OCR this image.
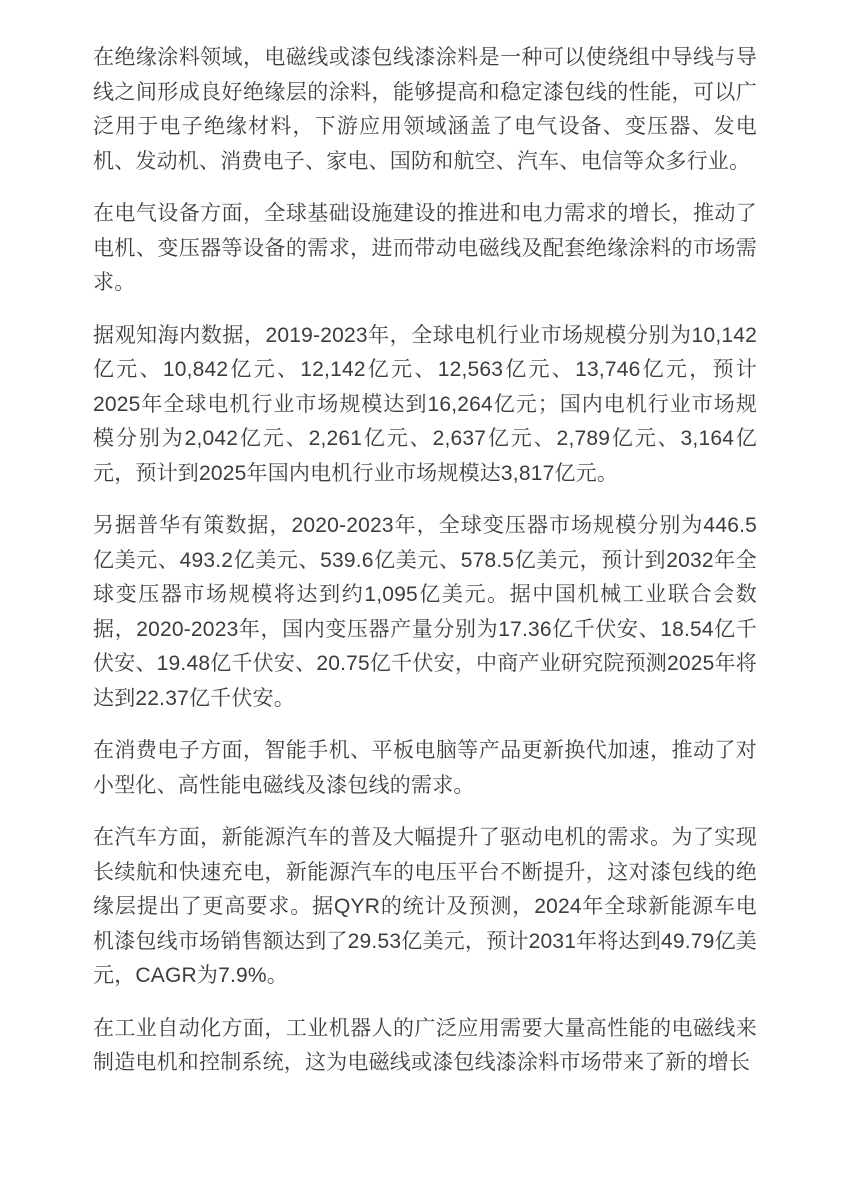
在绝缘涂料领域，电磁线或漆包线漆涂料是一种可以使绕组中导线与导线之间形成良好绝缘层的涂料，能够提高和稳定漆包线的性能，可以广泛用于电子绝缘材料，下游应用领域涵盖了电气设备、变压器、发电机、发动机、消费电子、家电、国防和航空、汽车、电信等众多行业。

在电气设备方面，全球基础设施建设的推进和电力需求的增长，推动了电机、变压器等设备的需求，进而带动电磁线及配套绝缘涂料的市场需求。

据观知海内数据，2019-2023年，全球电机行业市场规模分别为10,142亿元、10,842亿元、12,142亿元、12,563亿元、13,746亿元，预计2025年全球电机行业市场规模达到16,264亿元；国内电机行业市场规模分别为2,042亿元、2,261亿元、2,637亿元、2,789亿元、3,164亿元，预计到2025年国内电机行业市场规模达3,817亿元。

另据普华有策数据，2020-2023年，全球变压器市场规模分别为446.5亿美元、493.2亿美元、539.6亿美元、578.5亿美元，预计到2032年全球变压器市场规模将达到约1,095亿美元。据中国机械工业联合会数据，2020-2023年，国内变压器产量分别为17.36亿千伏安、18.54亿千伏安、19.48亿千伏安、20.75亿千伏安，中商产业研究院预测2025年将达到22.37亿千伏安。

在消费电子方面，智能手机、平板电脑等产品更新换代加速，推动了对小型化、高性能电磁线及漆包线的需求。

在汽车方面，新能源汽车的普及大幅提升了驱动电机的需求。为了实现长续航和快速充电，新能源汽车的电压平台不断提升，这对漆包线的绝缘层提出了更高要求。据QYR的统计及预测，2024年全球新能源车电机漆包线市场销售额达到了29.53亿美元，预计2031年将达到49.79亿美元，CAGR为7.9%。

在工业自动化方面，工业机器人的广泛应用需要大量高性能的电磁线来制造电机和控制系统，这为电磁线或漆包线漆涂料市场带来了新的增长
